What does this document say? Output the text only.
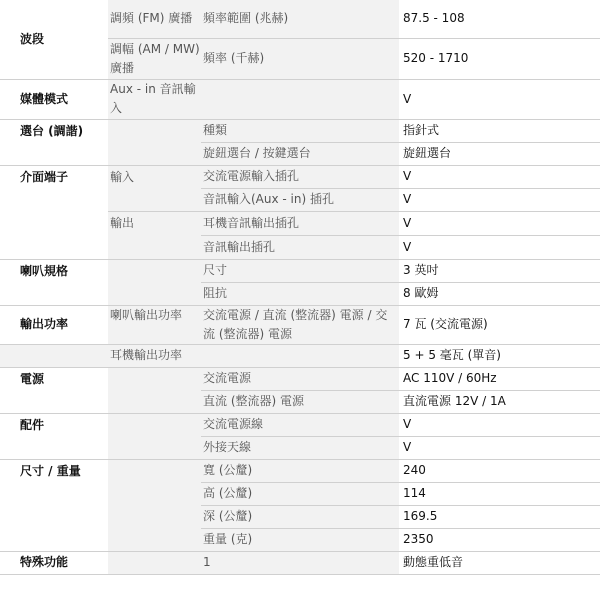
波段	調頻 (FM) 廣播	頻率範圍 (兆赫)	87.5 - 108
	調幅 (AM / MW) 廣播	頻率 (千赫)	520 - 1710
媒體模式	Aux - in 音訊輸入		V
選台 (調諧)		種類	指針式
		旋鈕選台 / 按鍵選台	旋鈕選台
介面端子	輸入	交流電源輸入插孔	V
		音訊輸入(Aux - in) 插孔	V
	輸出	耳機音訊輸出插孔	V
		音訊輸出插孔	V
喇叭規格		尺寸	3 英吋
		阻抗	8 歐姆
輸出功率	喇叭輸出功率	交流電源 / 直流 (整流器) 電源 / 交流 (整流器) 電源	7 瓦 (交流電源)
	耳機輸出功率		5 + 5 毫瓦 (單音)
電源		交流電源	AC 110V / 60Hz
		直流 (整流器) 電源	直流電源 12V / 1A
配件		交流電源線	V
		外接天線	V
尺寸 / 重量		寬 (公釐)	240
		高 (公釐)	114
		深 (公釐)	169.5
		重量 (克)	2350
特殊功能		1	動態重低音
